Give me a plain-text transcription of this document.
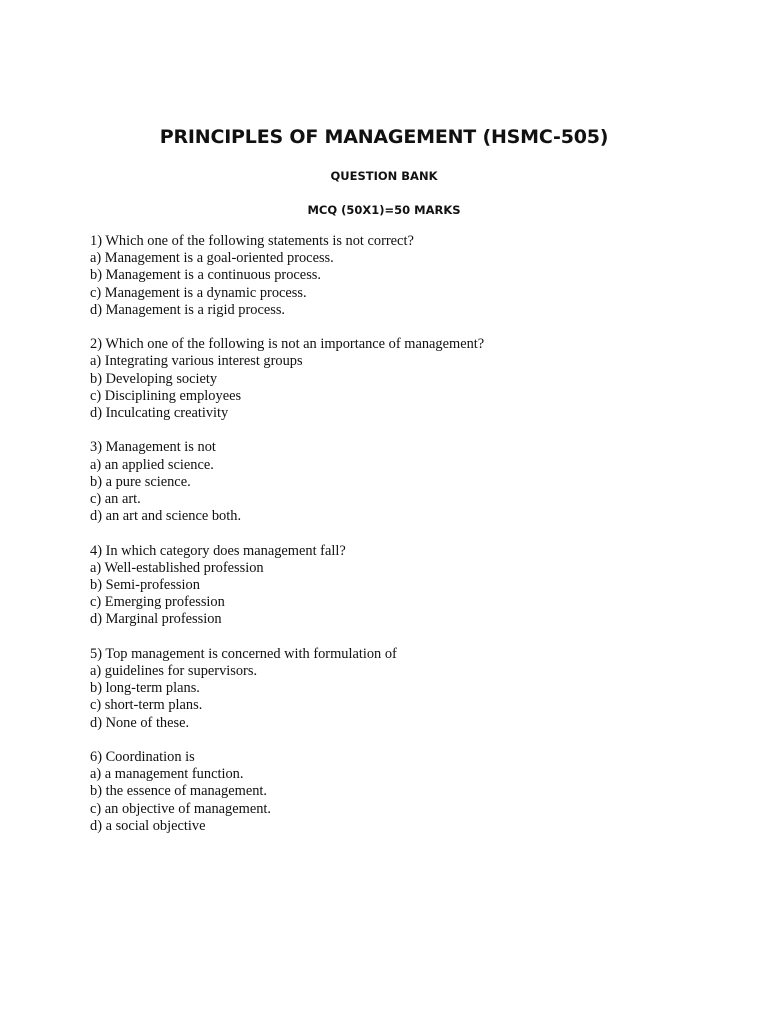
PRINCIPLES OF MANAGEMENT (HSMC-505)
QUESTION BANK
MCQ (50X1)=50 MARKS
1) Which one of the following statements is not correct?
a) Management is a goal-oriented process.
b) Management is a continuous process.
c) Management is a dynamic process.
d) Management is a rigid process.
2) Which one of the following is not an importance of management?
a) Integrating various interest groups
b) Developing society
c) Disciplining employees
d) Inculcating creativity
3) Management is not
a) an applied science.
b) a pure science.
c) an art.
d) an art and science both.
4) In which category does management fall?
a) Well-established profession
b) Semi-profession
c) Emerging profession
d) Marginal profession
5) Top management is concerned with formulation of
a) guidelines for supervisors.
b) long-term plans.
c) short-term plans.
d) None of these.
6) Coordination is
a) a management function.
b) the essence of management.
c) an objective of management.
d) a social objective
